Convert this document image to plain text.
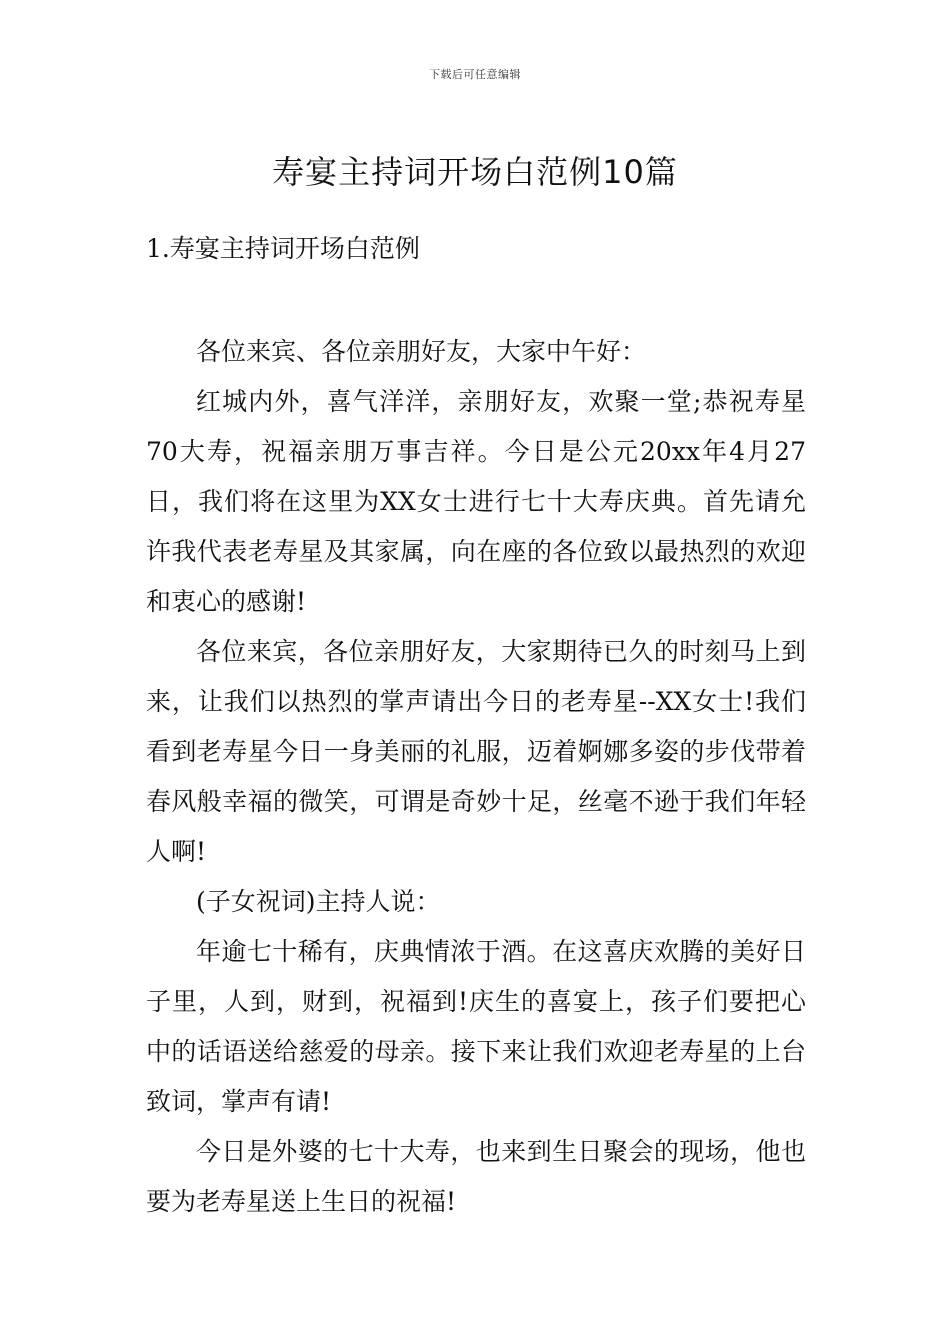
下载后可任意编辑
寿宴主持词开场白范例10篇
1.寿宴主持词开场白范例

各位来宾、各位亲朋好友，大家中午好：

红城内外，喜气洋洋，亲朋好友，欢聚一堂;恭祝寿星70大寿，祝福亲朋万事吉祥。今日是公元20xx年4月27日，我们将在这里为XX女士进行七十大寿庆典。首先请允许我代表老寿星及其家属，向在座的各位致以最热烈的欢迎和衷心的感谢!

各位来宾，各位亲朋好友，大家期待已久的时刻马上到来，让我们以热烈的掌声请出今日的老寿星--XX女士!我们看到老寿星今日一身美丽的礼服，迈着婀娜多姿的步伐带着春风般幸福的微笑，可谓是奇妙十足，丝毫不逊于我们年轻人啊!

(子女祝词)主持人说：

年逾七十稀有，庆典情浓于酒。在这喜庆欢腾的美好日子里，人到，财到，祝福到!庆生的喜宴上，孩子们要把心中的话语送给慈爱的母亲。接下来让我们欢迎老寿星的上台致词，掌声有请!

今日是外婆的七十大寿，也来到生日聚会的现场，他也要为老寿星送上生日的祝福!
